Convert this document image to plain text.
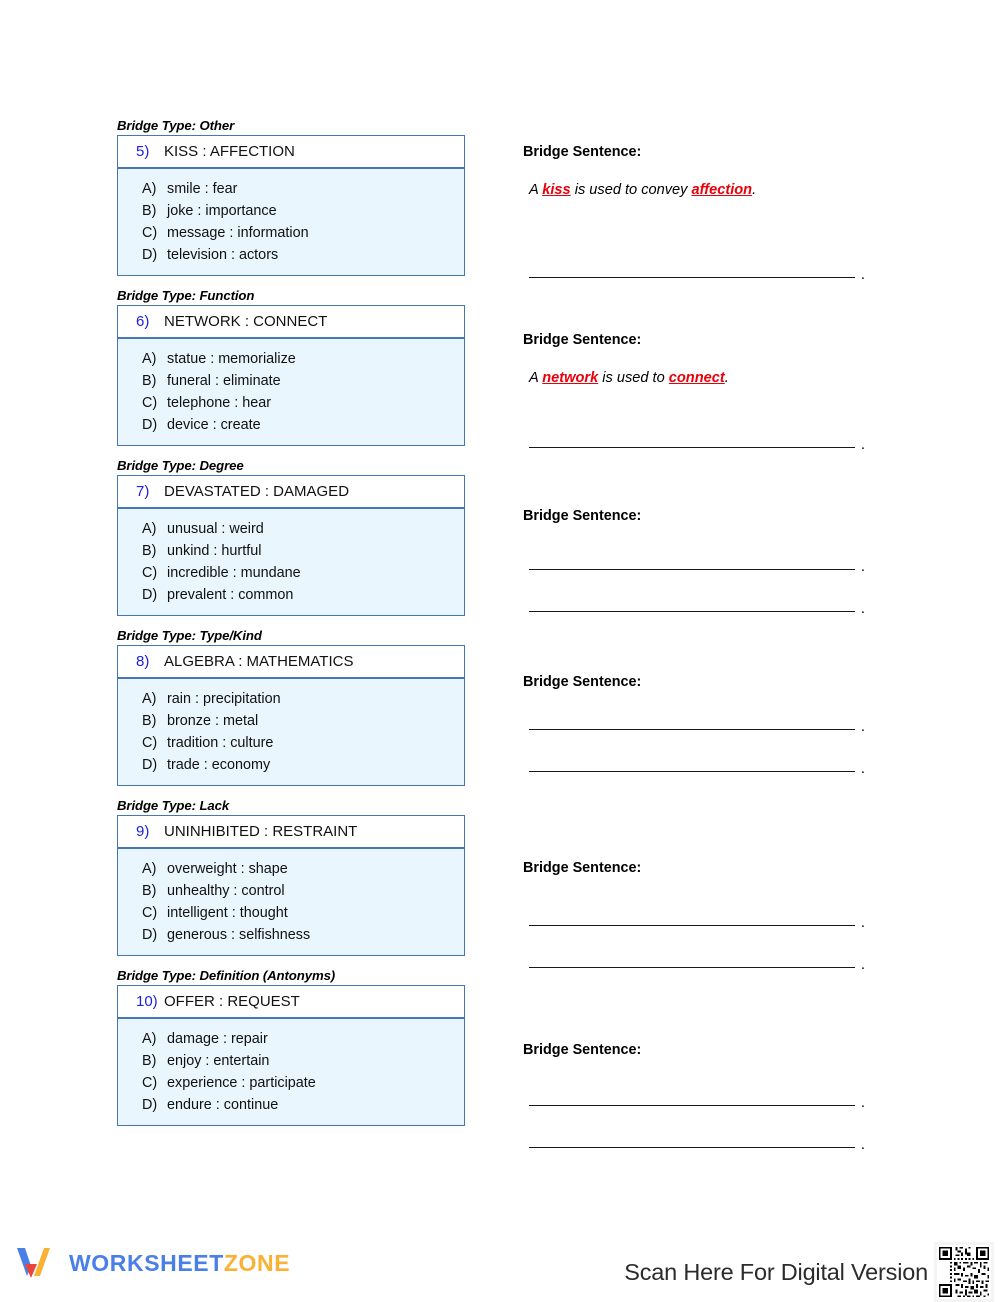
Bridge Type: Other
5) KISS : AFFECTION
A) smile : fear
B) joke : importance
C) message : information
D) television : actors
Bridge Type: Function
6) NETWORK : CONNECT
A) statue : memorialize
B) funeral : eliminate
C) telephone : hear
D) device : create
Bridge Type: Degree
7) DEVASTATED : DAMAGED
A) unusual : weird
B) unkind : hurtful
C) incredible : mundane
D) prevalent : common
Bridge Type: Type/Kind
8) ALGEBRA : MATHEMATICS
A) rain : precipitation
B) bronze : metal
C) tradition : culture
D) trade : economy
Bridge Type: Lack
9) UNINHIBITED : RESTRAINT
A) overweight : shape
B) unhealthy : control
C) intelligent : thought
D) generous : selfishness
Bridge Type: Definition (Antonyms)
10) OFFER : REQUEST
A) damage : repair
B) enjoy : entertain
C) experience : participate
D) endure : continue
Bridge Sentence:
A kiss is used to convey affection.
.
Bridge Sentence:
A network is used to connect.
.
Bridge Sentence:
.
.
Bridge Sentence:
.
.
Bridge Sentence:
.
.
Bridge Sentence:
.
.
WORKSHEETZONE	Scan Here For Digital Version
